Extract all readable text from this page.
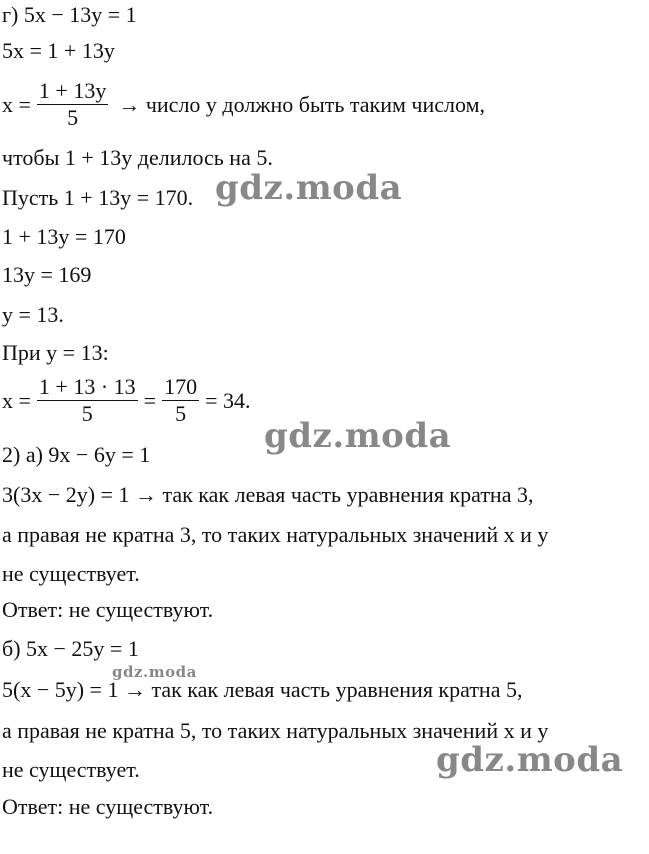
г) 5x − 13y = 1
5x = 1 + 13y
$x = \frac{1 + 13y}{5}$ → число y должно быть таким числом,
чтобы 1 + 13y делилось на 5.
Пусть 1 + 13y = 170.
1 + 13y = 170
13y = 169
y = 13.
При y = 13:
$x = \frac{1 + 13 \cdot 13}{5} = \frac{170}{5} = 34$.
2) а) 9x − 6y = 1
3(3x − 2y) = 1 → так как левая часть уравнения кратна 3,
а правая не кратна 3, то таких натуральных значений x и y
не существует.
Ответ: не существуют.
б) 5x − 25y = 1
5(x − 5y) = 1 → так как левая часть уравнения кратна 5,
а правая не кратна 5, то таких натуральных значений x и y
не существует.
Ответ: не существуют.
gdz.moda
gdz.moda
gdz.moda
gdz.moda
